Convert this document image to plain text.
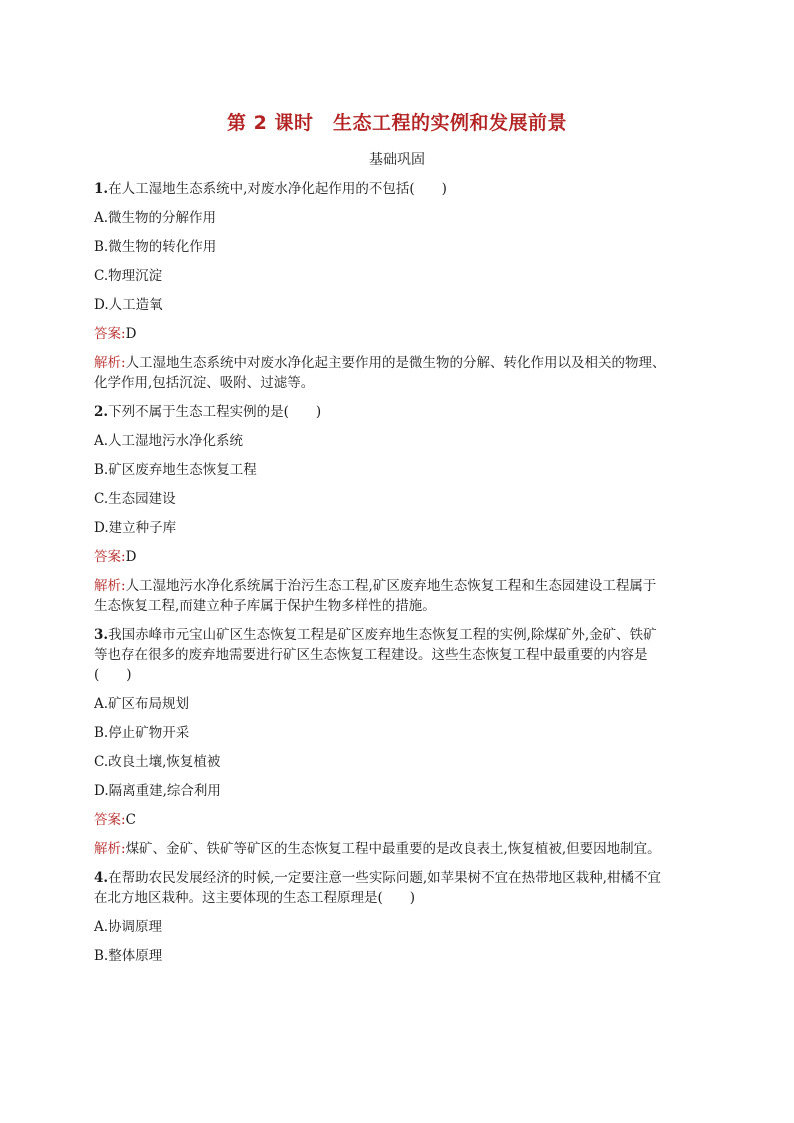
第 2 课时　生态工程的实例和发展前景
基础巩固
1.在人工湿地生态系统中,对废水净化起作用的不包括(　　)
A.微生物的分解作用
B.微生物的转化作用
C.物理沉淀
D.人工造氧
答案:D
解析:人工湿地生态系统中对废水净化起主要作用的是微生物的分解、转化作用以及相关的物理、
化学作用,包括沉淀、吸附、过滤等。
2.下列不属于生态工程实例的是(　　)
A.人工湿地污水净化系统
B.矿区废弃地生态恢复工程
C.生态园建设
D.建立种子库
答案:D
解析:人工湿地污水净化系统属于治污生态工程,矿区废弃地生态恢复工程和生态园建设工程属于
生态恢复工程,而建立种子库属于保护生物多样性的措施。
3.我国赤峰市元宝山矿区生态恢复工程是矿区废弃地生态恢复工程的实例,除煤矿外,金矿、铁矿
等也存在很多的废弃地需要进行矿区生态恢复工程建设。这些生态恢复工程中最重要的内容是
(　　)
A.矿区布局规划
B.停止矿物开采
C.改良土壤,恢复植被
D.隔离重建,综合利用
答案:C
解析:煤矿、金矿、铁矿等矿区的生态恢复工程中最重要的是改良表土,恢复植被,但要因地制宜。
4.在帮助农民发展经济的时候,一定要注意一些实际问题,如苹果树不宜在热带地区栽种,柑橘不宜
在北方地区栽种。这主要体现的生态工程原理是(　　)
A.协调原理
B.整体原理
